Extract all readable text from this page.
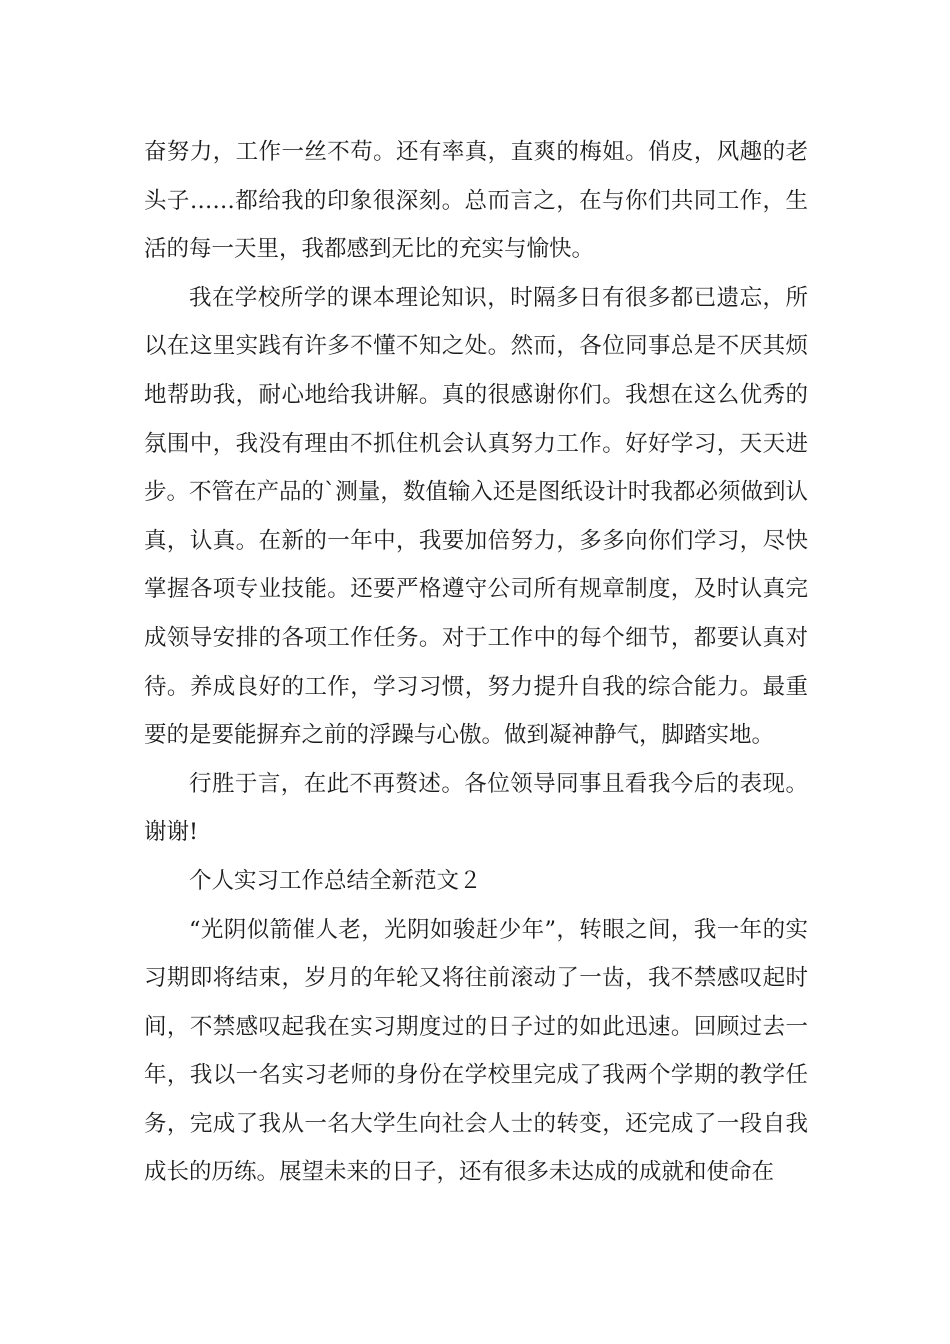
奋努力，工作一丝不苟。还有率真，直爽的梅姐。俏皮，风趣的老头子……都给我的印象很深刻。总而言之，在与你们共同工作，生活的每一天里，我都感到无比的充实与愉快。

我在学校所学的课本理论知识，时隔多日有很多都已遗忘，所以在这里实践有许多不懂不知之处。然而，各位同事总是不厌其烦地帮助我，耐心地给我讲解。真的很感谢你们。我想在这么优秀的氛围中，我没有理由不抓住机会认真努力工作。好好学习，天天进步。不管在产品的`测量，数值输入还是图纸设计时我都必须做到认真，认真。在新的一年中，我要加倍努力，多多向你们学习，尽快掌握各项专业技能。还要严格遵守公司所有规章制度，及时认真完成领导安排的各项工作任务。对于工作中的每个细节，都要认真对待。养成良好的工作，学习习惯，努力提升自我的综合能力。最重要的是要能摒弃之前的浮躁与心傲。做到凝神静气，脚踏实地。

行胜于言，在此不再赘述。各位领导同事且看我今后的表现。谢谢!

个人实习工作总结全新范文２

“光阴似箭催人老，光阴如骏赶少年”，转眼之间，我一年的实习期即将结束，岁月的年轮又将往前滚动了一齿，我不禁感叹起时间，不禁感叹起我在实习期度过的日子过的如此迅速。回顾过去一年，我以一名实习老师的身份在学校里完成了我两个学期的教学任务，完成了我从一名大学生向社会人士的转变，还完成了一段自我成长的历练。展望未来的日子，还有很多未达成的成就和使命在
